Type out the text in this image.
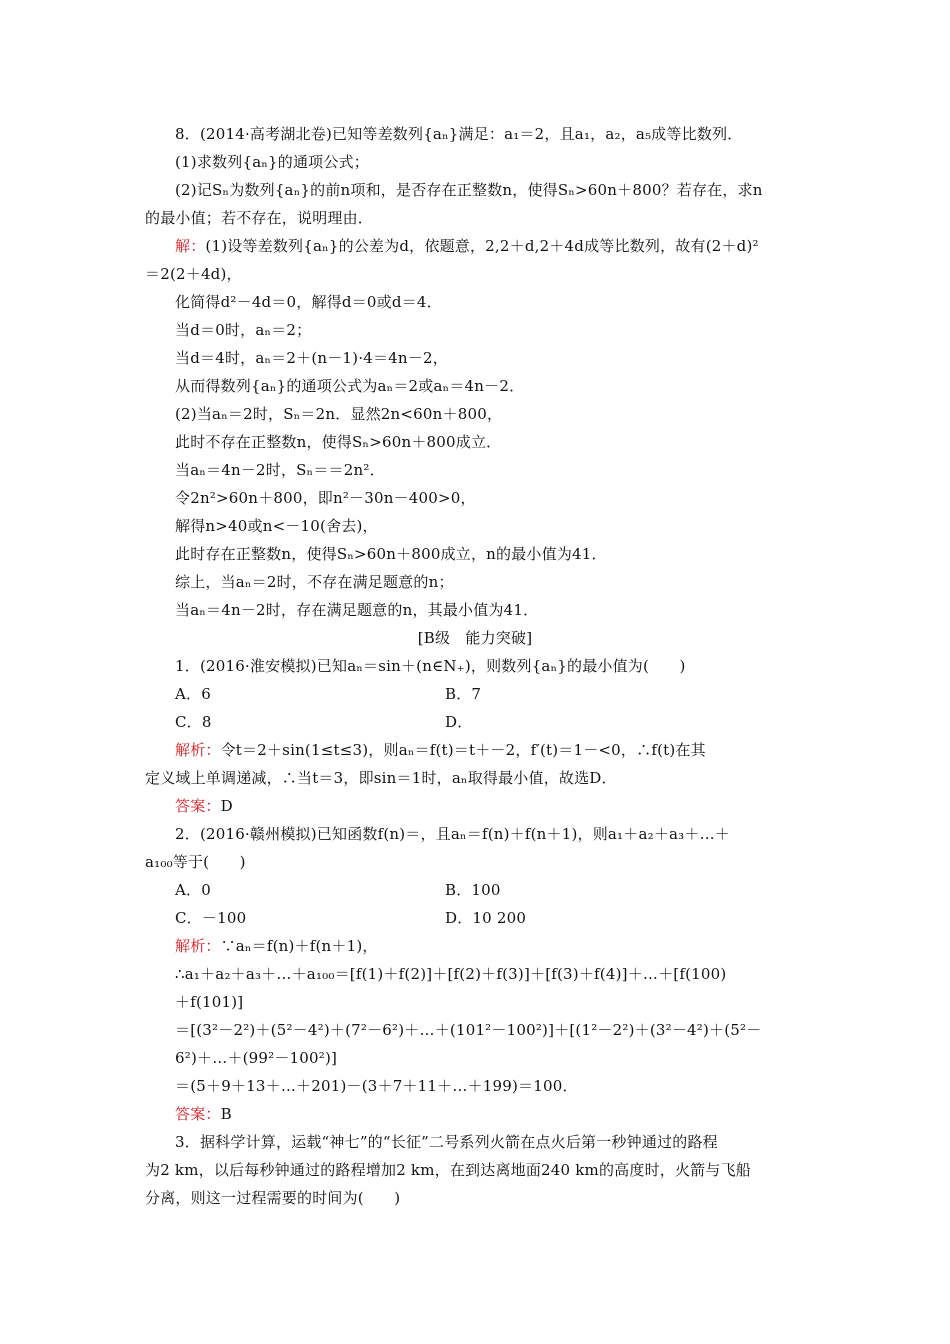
8．(2014·高考湖北卷)已知等差数列{aₙ}满足：a₁＝2，且a₁，a₂，a₅成等比数列．
(1)求数列{aₙ}的通项公式；
(2)记Sₙ为数列{aₙ}的前n项和，是否存在正整数n，使得Sₙ>60n＋800？若存在，求n
的最小值；若不存在，说明理由．
解：(1)设等差数列{aₙ}的公差为d，依题意，2,2＋d,2＋4d成等比数列，故有(2＋d)²
＝2(2＋4d)，
化简得d²－4d＝0，解得d＝0或d＝4．
当d＝0时，aₙ＝2；
当d＝4时，aₙ＝2＋(n－1)·4＝4n－2，
从而得数列{aₙ}的通项公式为aₙ＝2或aₙ＝4n－2．
(2)当aₙ＝2时，Sₙ＝2n．显然2n<60n＋800，
此时不存在正整数n，使得Sₙ>60n＋800成立．
当aₙ＝4n－2时，Sₙ＝＝2n²．
令2n²>60n＋800，即n²－30n－400>0，
解得n>40或n<－10(舍去)，
此时存在正整数n，使得Sₙ>60n＋800成立，n的最小值为41．
综上，当aₙ＝2时，不存在满足题意的n；
当aₙ＝4n－2时，存在满足题意的n，其最小值为41．
[B级　能力突破]
1．(2016·淮安模拟)已知aₙ＝sin＋(n∈N₊)，则数列{aₙ}的最小值为(　　)
A．6	B．7
C．8	D．
解析：令t＝2＋sin(1≤t≤3)，则aₙ＝f(t)＝t＋－2，f′(t)＝1－<0，∴f(t)在其
定义域上单调递减，∴当t＝3，即sin＝1时，aₙ取得最小值，故选D．
答案：D
2．(2016·赣州模拟)已知函数f(n)＝，且aₙ＝f(n)＋f(n＋1)，则a₁＋a₂＋a₃＋…＋
a₁₀₀等于(　　)
A．0	B．100
C．－100	D．10 200
解析：∵aₙ＝f(n)＋f(n＋1)，
∴a₁＋a₂＋a₃＋…＋a₁₀₀＝[f(1)＋f(2)]＋[f(2)＋f(3)]＋[f(3)＋f(4)]＋…＋[f(100)
＋f(101)]
＝[(3²－2²)＋(5²－4²)＋(7²－6²)＋…＋(101²－100²)]＋[(1²－2²)＋(3²－4²)＋(5²－
6²)＋…＋(99²－100²)]
＝(5＋9＋13＋…＋201)－(3＋7＋11＋…＋199)＝100．
答案：B
3．据科学计算，运载“神七”的“长征”二号系列火箭在点火后第一秒钟通过的路程
为2 km，以后每秒钟通过的路程增加2 km，在到达离地面240 km的高度时，火箭与飞船
分离，则这一过程需要的时间为(　　)
